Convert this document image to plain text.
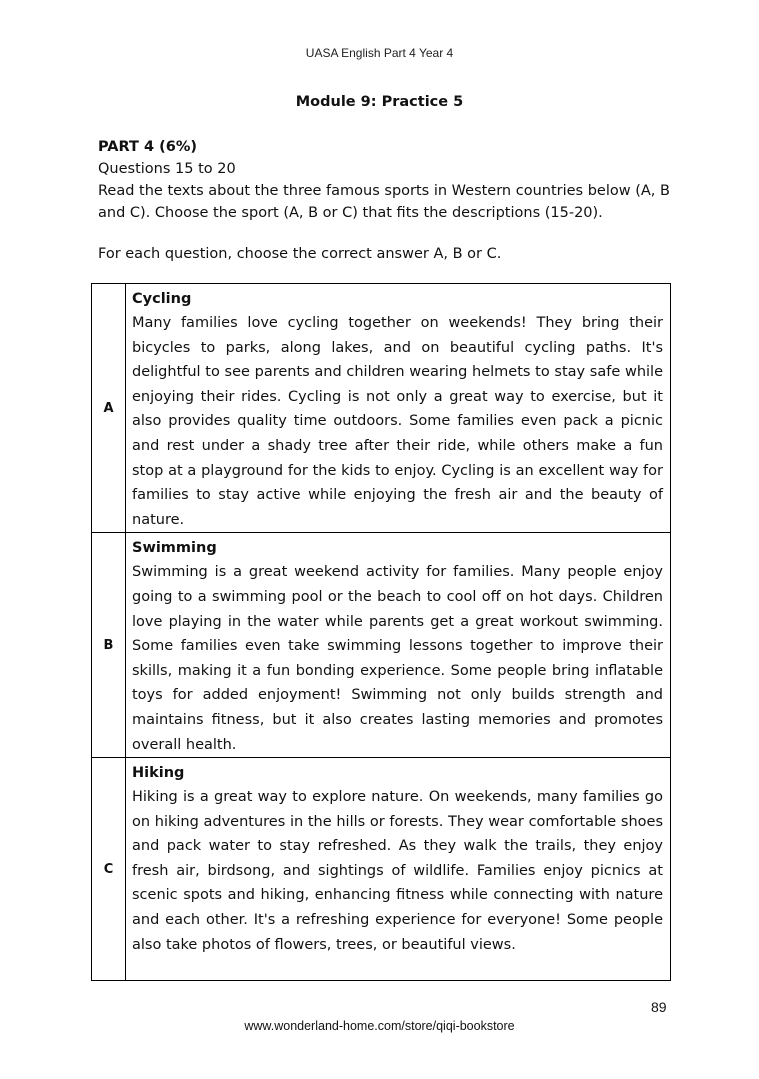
UASA English Part 4 Year 4
Module 9: Practice 5

PART 4 (6%)

Questions 15 to 20

Read the texts about the three famous sports in Western countries below (A, B and C). Choose the sport (A, B or C) that fits the descriptions (15-20).

For each question, choose the correct answer A, B or C.

A	Cycling
Many families love cycling together on weekends! They bring their bicycles to parks, along lakes, and on beautiful cycling paths. It's delightful to see parents and children wearing helmets to stay safe while enjoying their rides. Cycling is not only a great way to exercise, but it also provides quality time outdoors. Some families even pack a picnic and rest under a shady tree after their ride, while others make a fun stop at a playground for the kids to enjoy. Cycling is an excellent way for families to stay active while enjoying the fresh air and the beauty of nature.

B	Swimming
Swimming is a great weekend activity for families. Many people enjoy going to a swimming pool or the beach to cool off on hot days. Children love playing in the water while parents get a great workout swimming. Some families even take swimming lessons together to improve their skills, making it a fun bonding experience. Some people bring inflatable toys for added enjoyment! Swimming not only builds strength and maintains fitness, but it also creates lasting memories and promotes overall health.

C	Hiking
Hiking is a great way to explore nature. On weekends, many families go on hiking adventures in the hills or forests. They wear comfortable shoes and pack water to stay refreshed. As they walk the trails, they enjoy fresh air, birdsong, and sightings of wildlife. Families enjoy picnics at scenic spots and hiking, enhancing fitness while connecting with nature and each other. It's a refreshing experience for everyone! Some people also take photos of flowers, trees, or beautiful views.
89
www.wonderland-home.com/store/qiqi-bookstore
